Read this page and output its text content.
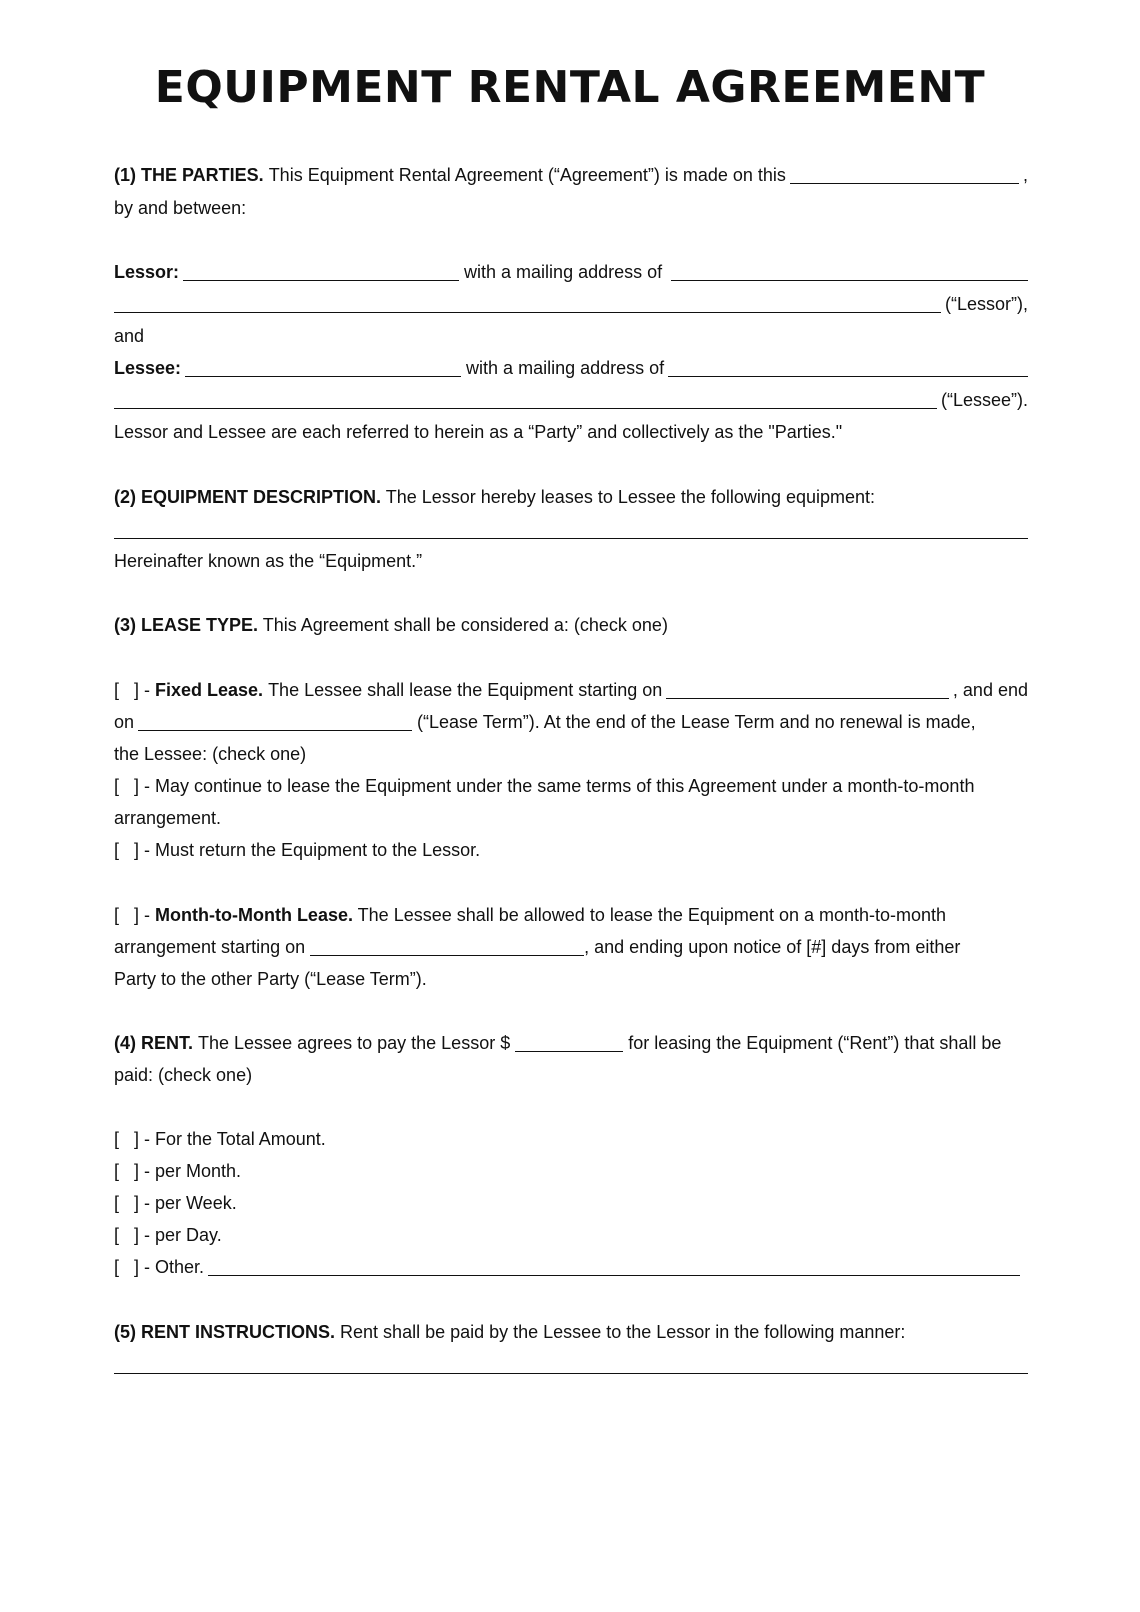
EQUIPMENT RENTAL AGREEMENT
(1) THE PARTIES. This Equipment Rental Agreement (“Agreement”) is made on this	,
by and between:
Lessor:	with a mailing address of
(“Lessor”),
and
Lessee:	with a mailing address of
(“Lessee”).
Lessor and Lessee are each referred to herein as a “Party” and collectively as the "Parties."
(2) EQUIPMENT DESCRIPTION. The Lessor hereby leases to Lessee the following equipment:
Hereinafter known as the “Equipment.”
(3) LEASE TYPE. This Agreement shall be considered a: (check one)
[   ] - Fixed Lease. The Lessee shall lease the Equipment starting on	, and end
on	(“Lease Term”). At the end of the Lease Term and no renewal is made,
the Lessee: (check one)
[   ] - May continue to lease the Equipment under the same terms of this Agreement under a month-to-month
arrangement.
[   ] - Must return the Equipment to the Lessor.
[   ] - Month-to-Month Lease. The Lessee shall be allowed to lease the Equipment on a month-to-month
arrangement starting on	, and ending upon notice of [#] days from either
Party to the other Party (“Lease Term”).
(4) RENT. The Lessee agrees to pay the Lessor $	for leasing the Equipment (“Rent”) that shall be
paid: (check one)
[   ] - For the Total Amount.
[   ] - per Month.
[   ] - per Week.
[   ] - per Day.
[   ] - Other.
(5) RENT INSTRUCTIONS. Rent shall be paid by the Lessee to the Lessor in the following manner:
